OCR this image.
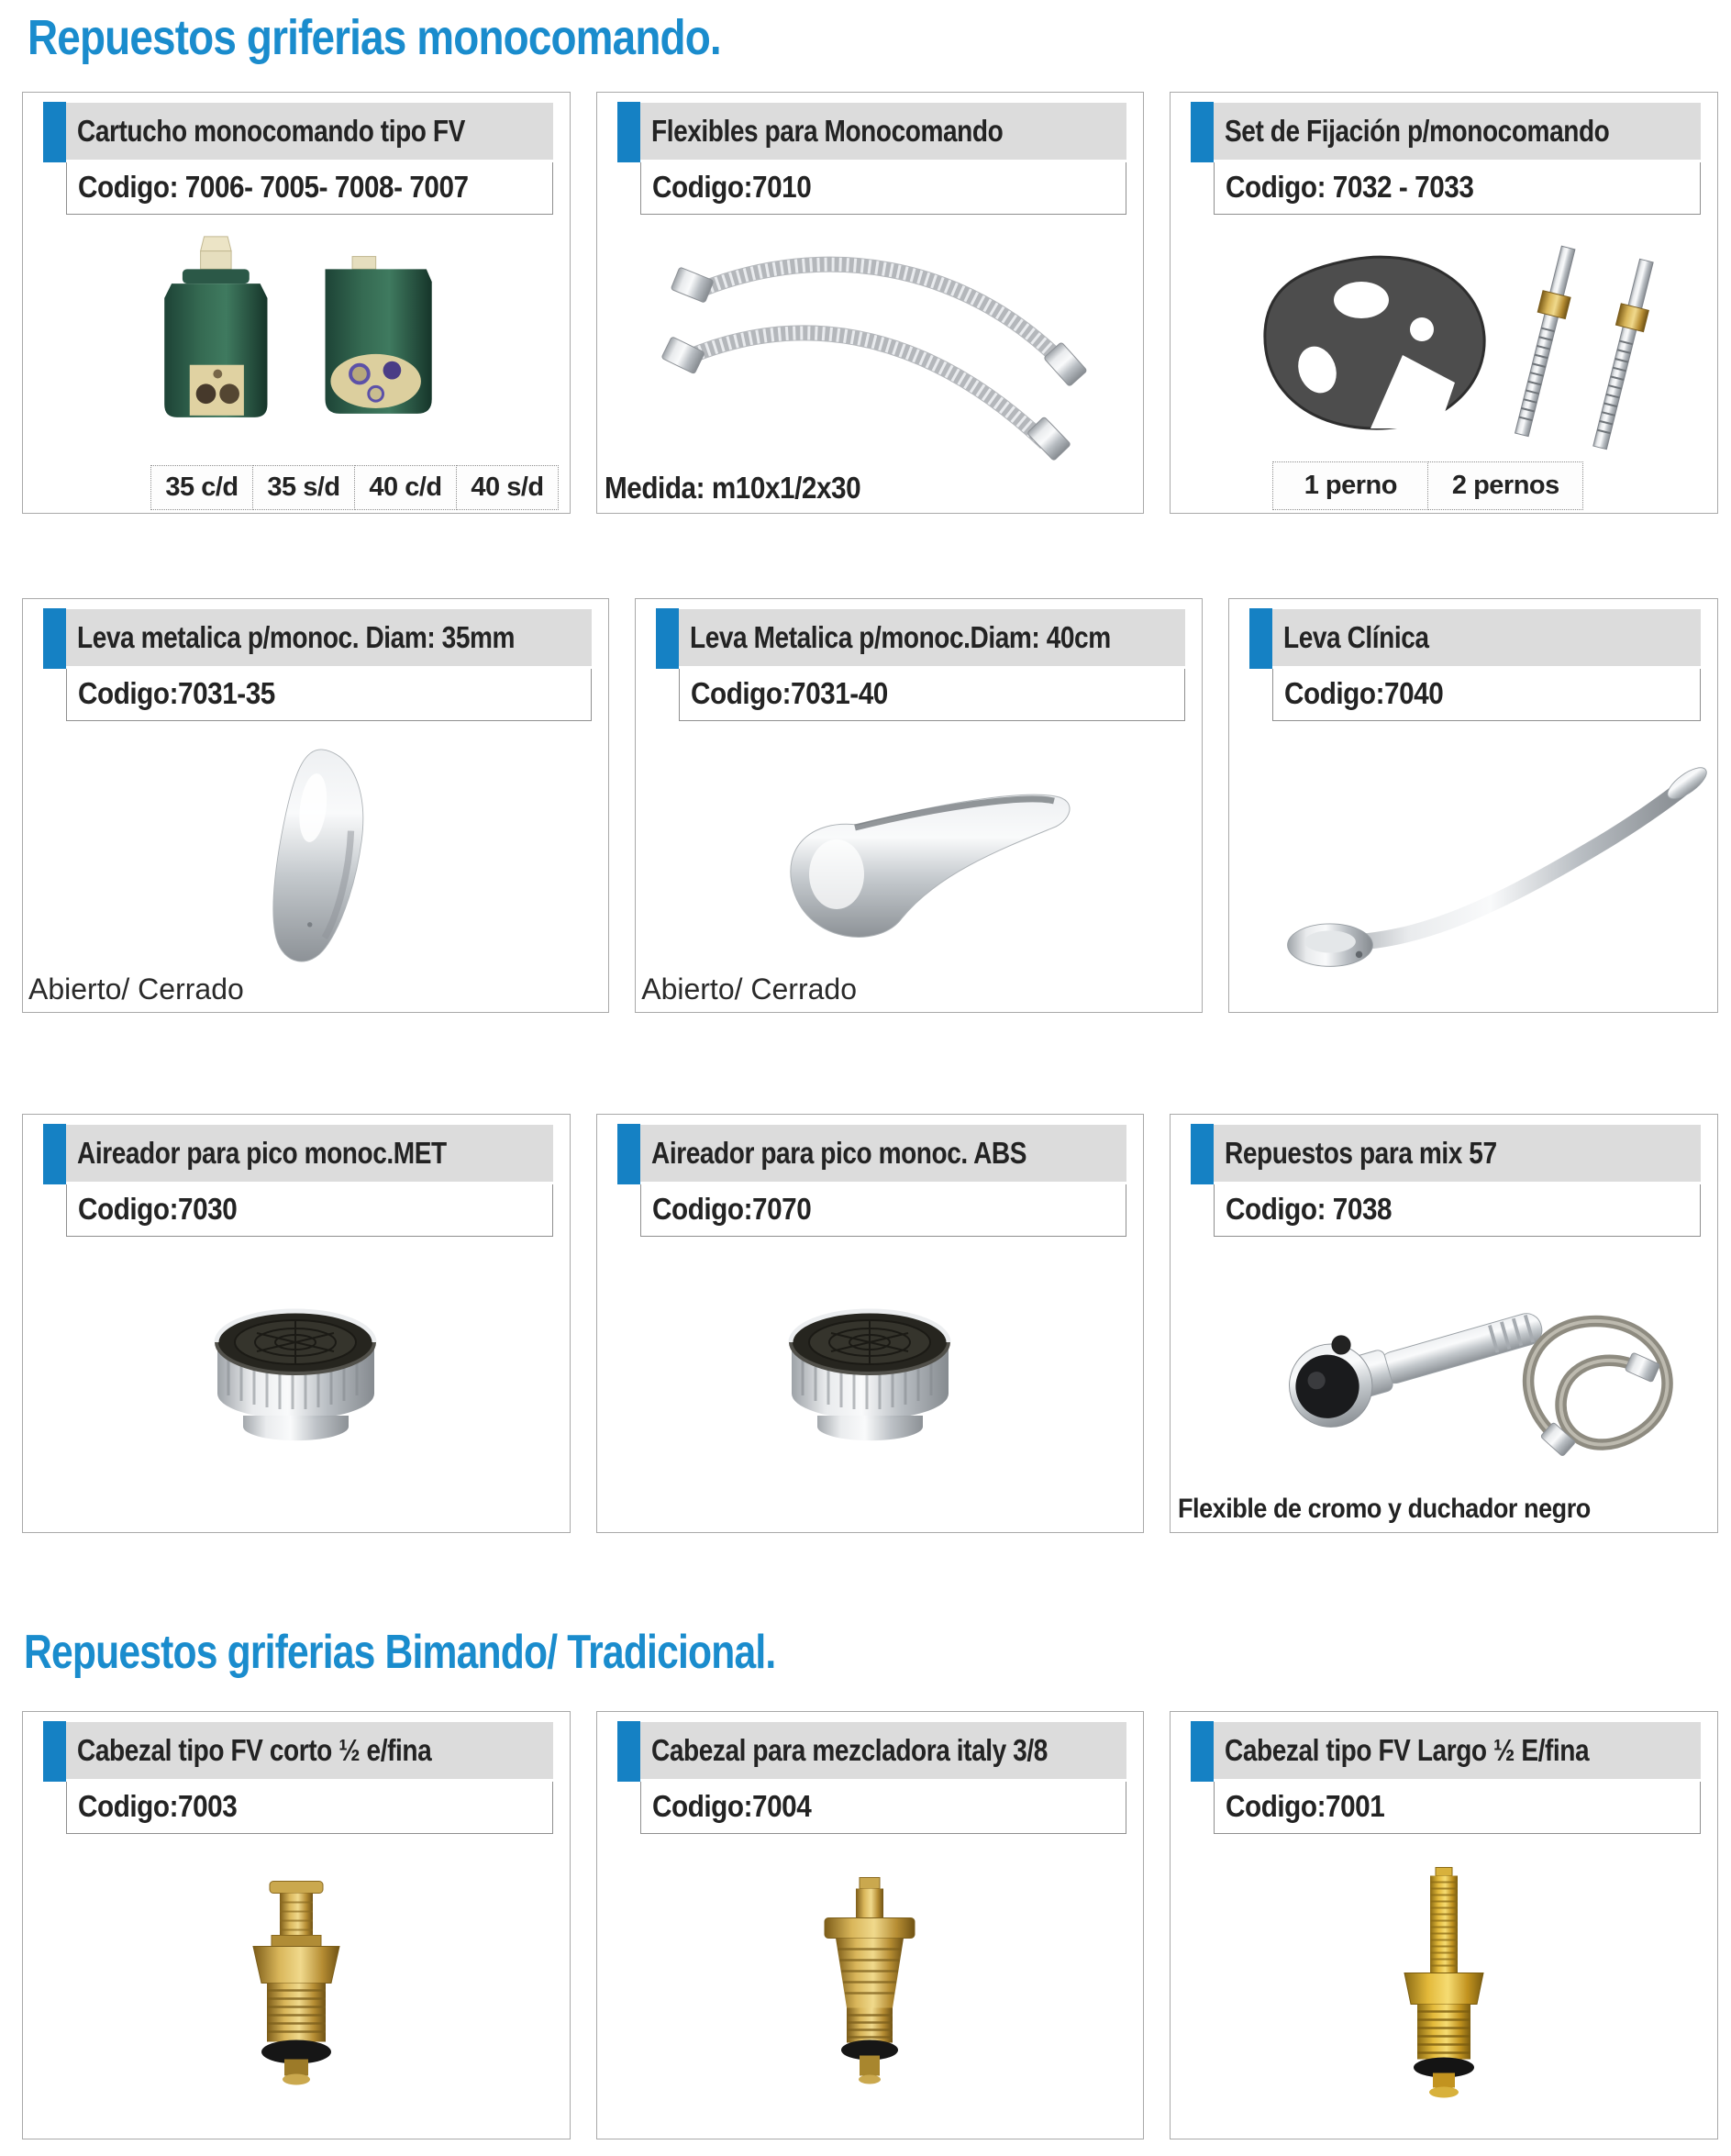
Repuestos griferias monocomando.
Cartucho monocomando tipo FV
Codigo: 7006- 7005- 7008- 7007
35 c/d	35 s/d	40 c/d	40 s/d
Flexibles para Monocomando
Codigo:7010
Medida: m10x1/2x30
Set de Fijación p/monocomando
Codigo: 7032 - 7033
1 perno	2 pernos
Leva metalica p/monoc. Diam: 35mm
Codigo:7031-35
Abierto/ Cerrado
Leva Metalica p/monoc.Diam: 40cm
Codigo:7031-40
Abierto/ Cerrado
Leva Clínica
Codigo:7040
Aireador para pico monoc.MET
Codigo:7030
Aireador para pico monoc. ABS
Codigo:7070
Repuestos para mix 57
Codigo: 7038
Flexible de cromo y duchador negro
Repuestos griferias Bimando/ Tradicional.
Cabezal tipo FV corto ½ e/fina
Codigo:7003
Cabezal para mezcladora italy 3/8
Codigo:7004
Cabezal tipo FV Largo ½ E/fina
Codigo:7001
